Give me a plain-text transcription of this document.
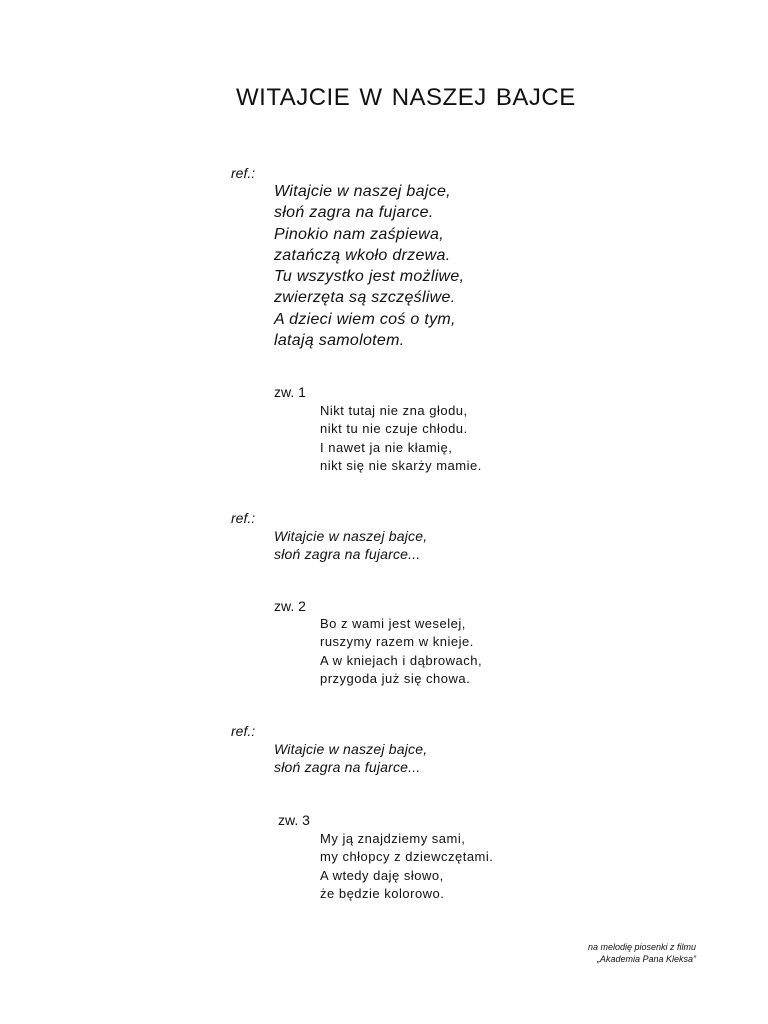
WITAJCIE W NASZEJ BAJCE
ref.:
Witajcie w naszej bajce,
słoń zagra na fujarce.
Pinokio nam zaśpiewa,
zatańczą wkoło drzewa.
Tu wszystko jest możliwe,
zwierzęta są szczęśliwe.
A dzieci wiem coś o tym,
latają samolotem.
zw. 1
Nikt tutaj nie zna głodu,
nikt tu nie czuje chłodu.
I nawet ja nie kłamię,
nikt się nie skarży mamie.
ref.:
Witajcie w naszej bajce,
słoń zagra na fujarce...
zw. 2
Bo z wami jest weselej,
ruszymy razem w knieje.
A w kniejach i dąbrowach,
przygoda już się chowa.
ref.:
Witajcie w naszej bajce,
słoń zagra na fujarce...
zw. 3
My ją znajdziemy sami,
my chłopcy z dziewczętami.
A wtedy daję słowo,
że będzie kolorowo.
na melodię piosenki z filmu
„Akademia Pana Kleksa”
